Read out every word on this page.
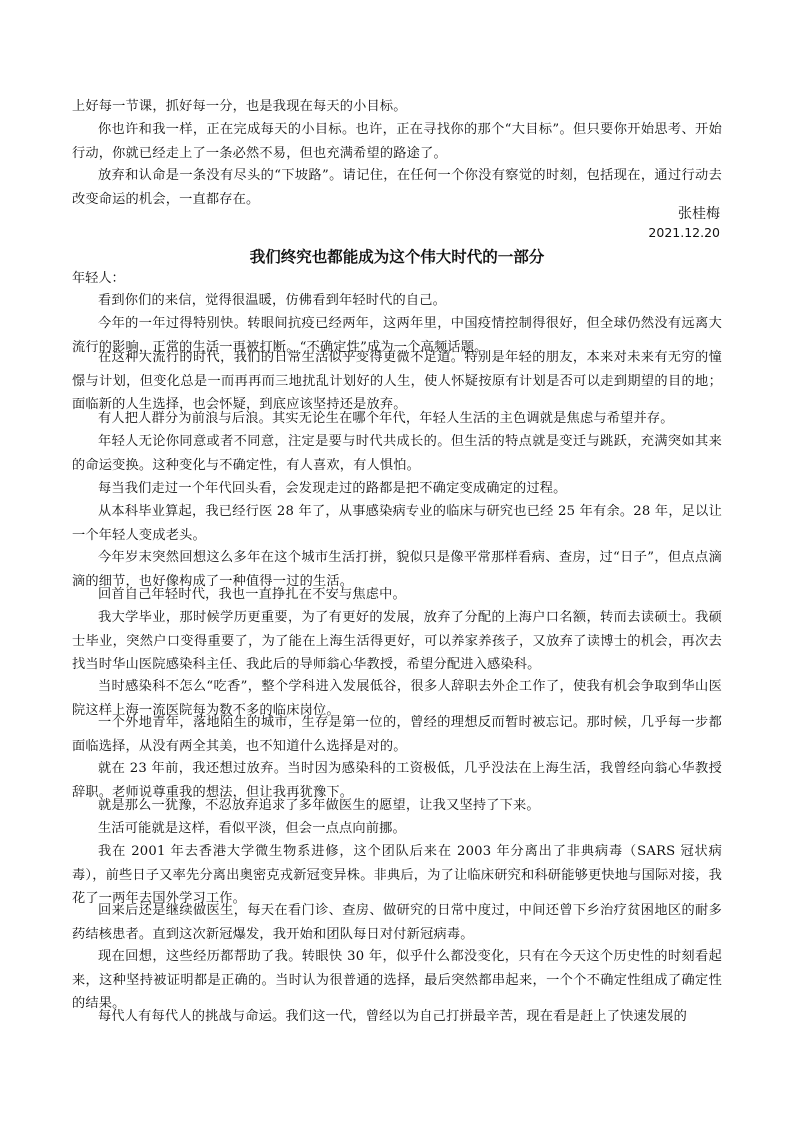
上好每一节课，抓好每一分，也是我现在每天的小目标。

你也许和我一样，正在完成每天的小目标。也许，正在寻找你的那个“大目标”。但只要你开始思考、开始行动，你就已经走上了一条必然不易，但也充满希望的路途了。

放弃和认命是一条没有尽头的“下坡路”。请记住，在任何一个你没有察觉的时刻，包括现在，通过行动去改变命运的机会，一直都存在。

张桂梅

2021.12.20

我们终究也都能成为这个伟大时代的一部分

年轻人：

看到你们的来信，觉得很温暖，仿佛看到年轻时代的自己。

今年的一年过得特别快。转眼间抗疫已经两年，这两年里，中国疫情控制得很好，但全球仍然没有远离大流行的影响，正常的生活一再被打断。“不确定性”成为一个高频话题。

在这种大流行的时代，我们的日常生活似乎变得更微不足道。特别是年轻的朋友，本来对未来有无穷的憧憬与计划，但变化总是一而再再而三地扰乱计划好的人生，使人怀疑按原有计划是否可以走到期望的目的地；面临新的人生选择，也会怀疑，到底应该坚持还是放弃。

有人把人群分为前浪与后浪。其实无论生在哪个年代，年轻人生活的主色调就是焦虑与希望并存。

年轻人无论你同意或者不同意，注定是要与时代共成长的。但生活的特点就是变迁与跳跃，充满突如其来的命运变换。这种变化与不确定性，有人喜欢，有人惧怕。

每当我们走过一个年代回头看，会发现走过的路都是把不确定变成确定的过程。

从本科毕业算起，我已经行医 28 年了，从事感染病专业的临床与研究也已经 25 年有余。28 年，足以让一个年轻人变成老头。

今年岁末突然回想这么多年在这个城市生活打拼，貌似只是像平常那样看病、查房，过“日子”，但点点滴滴的细节，也好像构成了一种值得一过的生活。

回首自己年轻时代，我也一直挣扎在不安与焦虑中。

我大学毕业，那时候学历更重要，为了有更好的发展，放弃了分配的上海户口名额，转而去读硕士。我硕士毕业，突然户口变得重要了，为了能在上海生活得更好，可以养家养孩子，又放弃了读博士的机会，再次去找当时华山医院感染科主任、我此后的导师翁心华教授，希望分配进入感染科。

当时感染科不怎么“吃香”，整个学科进入发展低谷，很多人辞职去外企工作了，使我有机会争取到华山医院这样上海一流医院每为数不多的临床岗位。

一个外地青年，落地陌生的城市，生存是第一位的，曾经的理想反而暂时被忘记。那时候，几乎每一步都面临选择，从没有两全其美，也不知道什么选择是对的。

就在 23 年前，我还想过放弃。当时因为感染科的工资极低，几乎没法在上海生活，我曾经向翁心华教授辞职。老师说尊重我的想法，但让我再犹豫下。

就是那么一犹豫，不忍放弃追求了多年做医生的愿望，让我又坚持了下来。

生活可能就是这样，看似平淡，但会一点点向前挪。

我在 2001 年去香港大学微生物系进修，这个团队后来在 2003 年分离出了非典病毒（SARS 冠状病毒），前些日子又率先分离出奥密克戎新冠变异株。非典后，为了让临床研究和科研能够更快地与国际对接，我花了一两年去国外学习工作。

回来后还是继续做医生，每天在看门诊、查房、做研究的日常中度过，中间还曾下乡治疗贫困地区的耐多药结核患者。直到这次新冠爆发，我开始和团队每日对付新冠病毒。

现在回想，这些经历都帮助了我。转眼快 30 年，似乎什么都没变化，只有在今天这个历史性的时刻看起来，这种坚持被证明都是正确的。当时认为很普通的选择，最后突然都串起来，一个个不确定性组成了确定性的结果。

每代人有每代人的挑战与命运。我们这一代，曾经以为自己打拼最辛苦，现在看是赶上了快速发展的
